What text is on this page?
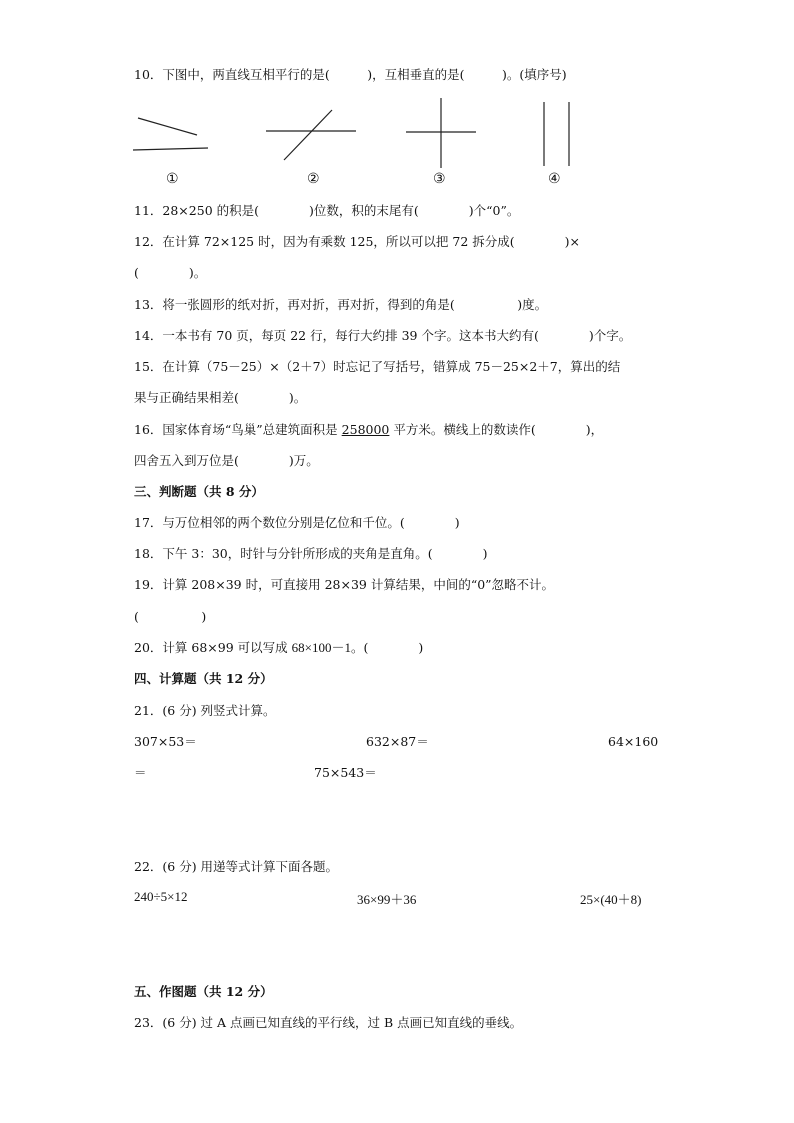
10．下图中，两直线互相平行的是(　　　)，互相垂直的是(　　　)。(填序号)
①	②	③	④
11．28×250 的积是(　　　　)位数，积的末尾有(　　　　)个“0”。
12．在计算 72×125 时，因为有乘数 125，所以可以把 72 拆分成(　　　　)×
(　　　　)。
13．将一张圆形的纸对折，再对折，再对折，得到的角是(　　　　　)度。
14．一本书有 70 页，每页 22 行，每行大约排 39 个字。这本书大约有(　　　　)个字。
15．在计算（75－25）×（2＋7）时忘记了写括号，错算成 75－25×2＋7，算出的结
果与正确结果相差(　　　　)。
16．国家体育场“鸟巢”总建筑面积是 258000 平方米。横线上的数读作(　　　　)，
四舍五入到万位是(　　　　)万。
三、判断题（共 8 分）
17．与万位相邻的两个数位分别是亿位和千位。(　　　　)
18．下午 3：30，时针与分针所形成的夹角是直角。(　　　　)
19．计算 208×39 时，可直接用 28×39 计算结果，中间的“0”忽略不计。
(　　　　　)
20．计算 68×99 可以写成 68×100－1。(　　　　)
四、计算题（共 12 分）
21．(6 分) 列竖式计算。
307×53＝	632×87＝	64×160
＝	75×543＝
22．(6 分) 用递等式计算下面各题。
240÷5×12	36×99＋36	25×(40＋8)
五、作图题（共 12 分）
23．(6 分) 过 A 点画已知直线的平行线，过 B 点画已知直线的垂线。
